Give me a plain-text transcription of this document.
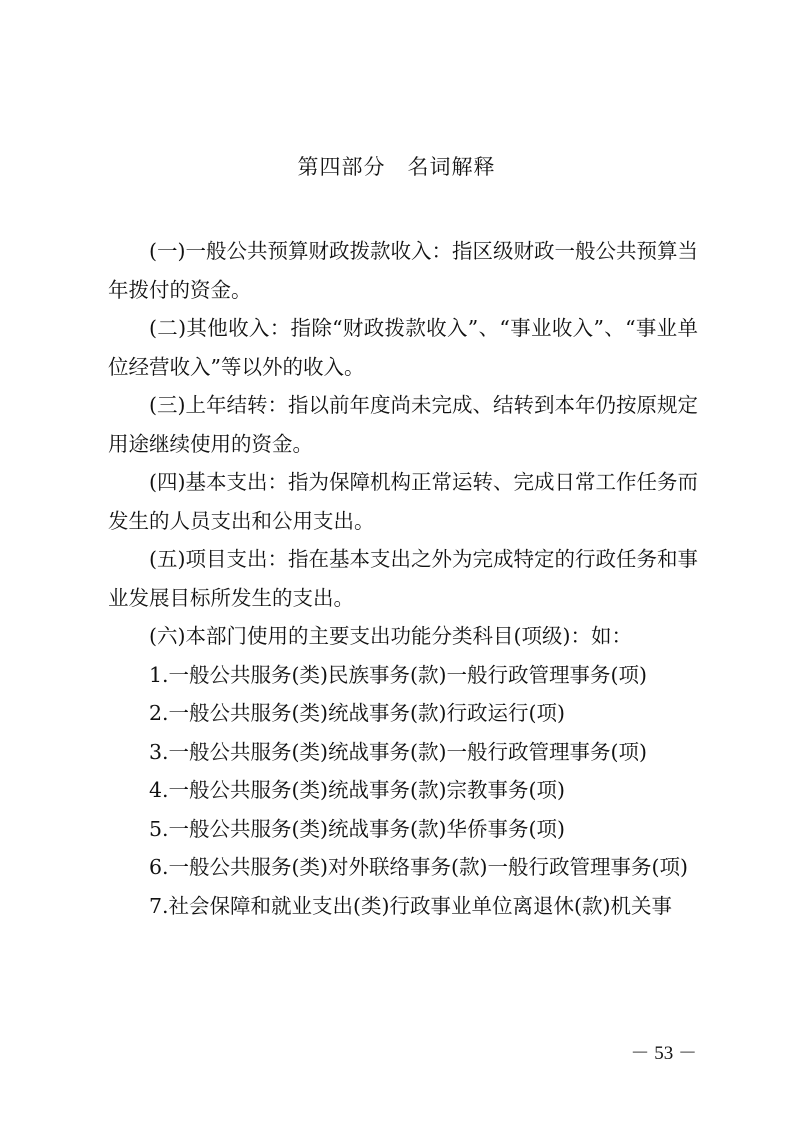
第四部分　名词解释

(一)一般公共预算财政拨款收入：指区级财政一般公共预算当年拨付的资金。

(二)其他收入：指除“财政拨款收入”、“事业收入”、“事业单位经营收入”等以外的收入。

(三)上年结转：指以前年度尚未完成、结转到本年仍按原规定用途继续使用的资金。

(四)基本支出：指为保障机构正常运转、完成日常工作任务而发生的人员支出和公用支出。

(五)项目支出：指在基本支出之外为完成特定的行政任务和事业发展目标所发生的支出。

(六)本部门使用的主要支出功能分类科目(项级)：如：

1.一般公共服务(类)民族事务(款)一般行政管理事务(项)

2.一般公共服务(类)统战事务(款)行政运行(项)

3.一般公共服务(类)统战事务(款)一般行政管理事务(项)

4.一般公共服务(类)统战事务(款)宗教事务(项)

5.一般公共服务(类)统战事务(款)华侨事务(项)

6.一般公共服务(类)对外联络事务(款)一般行政管理事务(项)

7.社会保障和就业支出(类)行政事业单位离退休(款)机关事

－ 53 －
